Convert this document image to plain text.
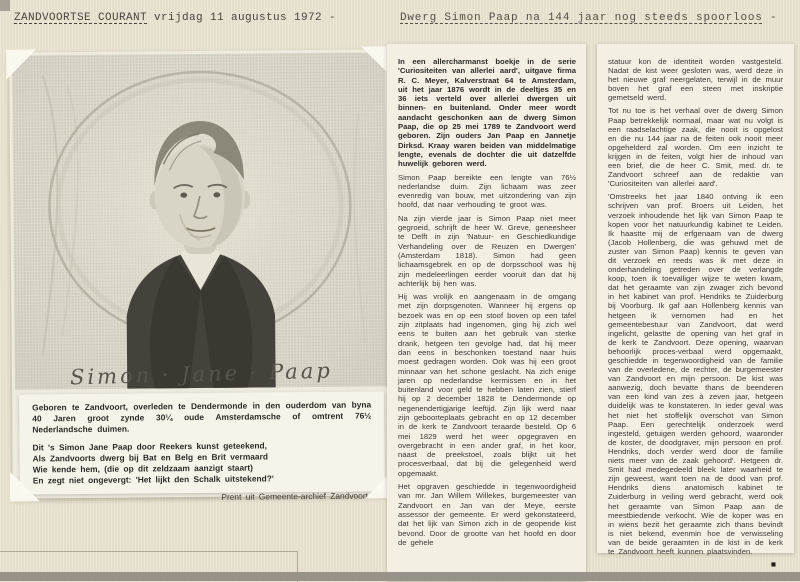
ZANDVOORTSE COURANT vrijdag 11 augustus 1972 -	Dwerg Simon Paap na 144 jaar nog steeds spoorloos -
Simon · Jane · Paap

Geboren te Zandvoort, overleden te Dendermonde in den ouderdom van byna 40 Jaren groot zynde 30¼ oude Amsterdamsche of omtrent 76½ Nederlandsche duimen.

Dit 's Simon Jane Paap door Reekers kunst geteekend,
Als Zandvoorts dwerg bij Bat en Belg en Brit vermaard
Wie kende hem, (die op dit zeldzaam aanzigt staart)
En zegt niet ongevergt: 'Het lijkt den Schalk uitstekend?'
Prent uit Gemeente-archief Zandvoort

In een allercharmanst boekje in de serie 'Curiositeiten van allerlei aard', uitgave firma R. C. Meyer, Kalverstraat 64 te Amsterdam, uit het jaar 1876 wordt in de deeltjes 35 en 36 iets verteld over allerlei dwergen uit binnen- en buitenland. Onder meer wordt aandacht geschonken aan de dwerg Simon Paap, die op 25 mei 1789 te Zandvoort werd geboren. Zijn ouders Jan Paap en Jannetje Dirksd. Kraay waren beiden van middelmatige lengte, evenals de dochter die uit datzelfde huwelijk geboren werd.

Simon Paap bereikte een lengte van 76½ nederlandse duim. Zijn lichaam was zeer evenredig van bouw, met uitzondering van zijn hoofd, dat naar verhouding te groot was.

Na zijn vierde jaar is Simon Paap niet meer gegroeid, schrijft de heer W. Greve, geneesheer te Delft in zijn 'Natuur- en Geschiedkundige Verhandeling over de Reuzen en Dwergen' (Amsterdam 1818). Simon had geen lichaamsgebrek en op de dorpsschool was hij zijn medeleerlingen eerder vooruit dan dat hij achterlijk bij hen was.

Hij was vrolijk en aangenaam in de omgang met zijn dorpsgenoten. Wanneer hij ergens op bezoek was en op een stoof boven op een tafel zijn zitplaats had ingenomen, ging hij zich wel eens te buiten aan het gebruik van sterke drank, hetgeen ten gevolge had, dat hij meer dan eens in beschonken toestand naar huis moest gedragen worden. Ook was hij een groot minnaar van het schone geslacht. Na zich enige jaren op nederlandse kermissen en in het buitenland voor geld te hebben laten zien, stierf hij op 2 december 1828 te Dendermonde op negenendertigjarige leeftijd. Zijn lijk werd naar zijn geboorteplaats gebracht en op 12 december in de kerk te Zandvoort teraarde besteld. Op 6 mei 1829 werd het weer opgegraven en overgebracht in een ander graf, in het koor, naast de preekstoel, zoals blijkt uit het procesverbaal, dat bij die gelegenheid werd opgemaakt.

Het opgraven geschiedde in tegenwoordigheid van mr. Jan Willem Willekes, burgemeester van Zandvoort en Jan van der Meye, eerste assessor der gemeente. Er werd gekonstateerd, dat het lijk van Simon zich in de geopende kist bevond. Door de grootte van het hoofd en door de gehele

statuur kon de identiteit worden vastgesteld. Nadat de kist weer gesloten was, werd deze in het nieuwe graf neergelaten, terwijl in de muur boven het graf een steen met inskriptie gemetseld werd.

Tot nu toe is het verhaal over de dwerg Simon Paap betrekkelijk normaal, maar wat nu volgt is een raadselachtige zaak, die nooit is opgelost en die nu 144 jaar na de feiten ook nooit meer opgehelderd zal worden. Om een inzicht te krijgen in de feiten, volgt hier de inhoud van een brief, die de heer C. Smit, med. dr. te Zandvoort schreef aan de redaktie van 'Curiositeiten van allerlei aard'.

'Omstreeks het jaar 1840 ontving ik een schrijven van prof. Broers uit Leiden, het verzoek inhoudende het lijk van Simon Paap te kopen voor het natuurkundig kabinet te Leiden. Ik haastte mij de erfgenaam van de dwerg (Jacob Hollenberg, die was gehuwd met de zuster van Simon Paap) kennis te geven van dit verzoek en reeds was ik met deze in onderhandeling getreden over de verlangde koop, toen ik toevalliger wijze te weten kwam, dat het geraamte van zijn zwager zich bevond in het kabinet van prof. Hendriks te Zuiderburg bij Voorburg. Ik gaf aan Hollenberg kennis van hetgeen ik vernomen had en het gemeentebestuur van Zandvoort, dat werd ingelicht, gelastte de opening van het graf in de kerk te Zandvoort. Deze opening, waarvan behoorlijk proces-verbaal werd opgemaakt, geschiedde in tegenwoordigheid van de familie van de overledene, de rechter, de burgemeester van Zandvoort en mijn persoon. De kist was aanwezig, doch bevatte thans de beenderen van een kind van zes à zeven jaar, hetgeen duidelijk was te konstateren. In ieder geval was het niet het stoffelijk overschot van Simon Paap. Een gerechtelijk onderzoek werd ingesteld, getuigen werden gehoord, waaronder de koster, de doodgraver, mijn persoon en prof. Hendriks, doch verder werd door de familie niets meer van de zaak gehoord'. Hetgeen dr. Smit had medegedeeld bleek later waarheid te zijn geweest, want toen na de dood van prof. Hendriks diens anatomisch kabinet te Zuiderburg in veiling werd gebracht, werd ook het geraamte van Simon Paap aan de meestbiedende verkocht. Wie de koper was en in wiens bezit het geraamte zich thans bevindt is niet bekend, evenmin hoe de verwisseling van de beide geraamten in de kist in de kerk te Zandvoort heeft kunnen plaatsvinden.

■
